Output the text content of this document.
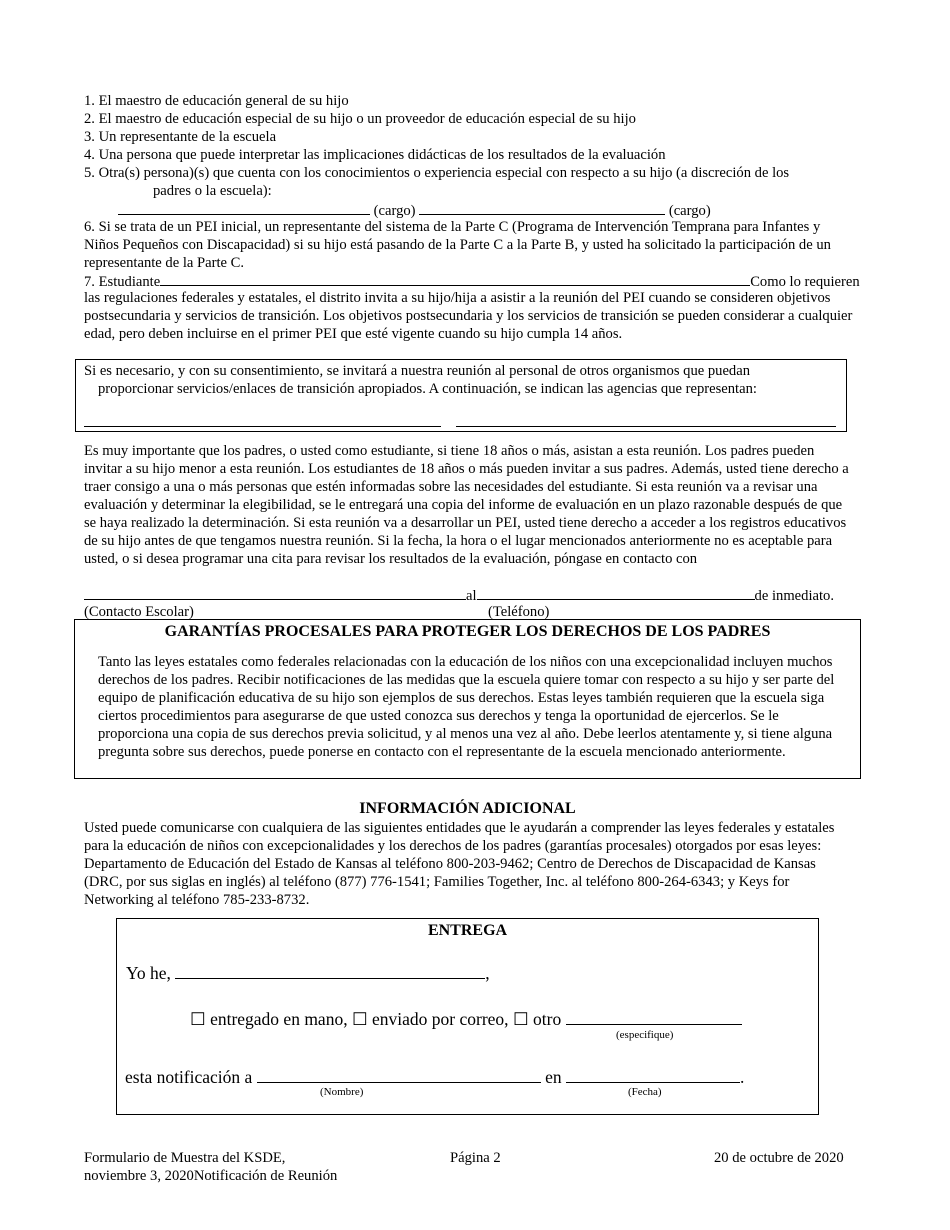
1. El maestro de educación general de su hijo
2. El maestro de educación especial de su hijo o un proveedor de educación especial de su hijo
3. Un representante de la escuela
4. Una persona que puede interpretar las implicaciones didácticas de los resultados de la evaluación
5. Otra(s) persona)(s) que cuenta con los conocimientos o experiencia especial con respecto a su hijo (a discreción de los
padres o la escuela):
(cargo)	(cargo)
6. Si se trata de un PEI inicial, un representante del sistema de la Parte C (Programa de Intervención Temprana para Infantes y Niños Pequeños con Discapacidad) si su hijo está pasando de la Parte C a la Parte B, y usted ha solicitado la participación de un representante de la Parte C.
7. Estudiante	Como lo requieren
las regulaciones federales y estatales, el distrito invita a su hijo/hija a asistir a la reunión del PEI cuando se consideren objetivos postsecundaria y servicios de transición. Los objetivos postsecundaria y los servicios de transición se pueden considerar a cualquier edad, pero deben incluirse en el primer PEI que esté vigente cuando su hijo cumpla 14 años.
Si es necesario, y con su consentimiento, se invitará a nuestra reunión al personal de otros organismos que puedan
proporcionar servicios/enlaces de transición apropiados. A continuación, se indican las agencias que representan:
Es muy importante que los padres, o usted como estudiante, si tiene 18 años o más, asistan a esta reunión. Los padres pueden invitar a su hijo menor a esta reunión. Los estudiantes de 18 años o más pueden invitar a sus padres. Además, usted tiene derecho a traer consigo a una o más personas que estén informadas sobre las necesidades del estudiante. Si esta reunión va a revisar una evaluación y determinar la elegibilidad, se le entregará una copia del informe de evaluación en un plazo razonable después de que se haya realizado la determinación. Si esta reunión va a desarrollar un PEI, usted tiene derecho a acceder a los registros educativos de su hijo antes de que tengamos nuestra reunión. Si la fecha, la hora o el lugar mencionados anteriormente no es aceptable para usted, o si desea programar una cita para revisar los resultados de la evaluación, póngase en contacto con
al	de inmediato.
(Contacto Escolar)	(Teléfono)
GARANTÍAS PROCESALES PARA PROTEGER LOS DERECHOS DE LOS PADRES
Tanto las leyes estatales como federales relacionadas con la educación de los niños con una excepcionalidad incluyen muchos derechos de los padres. Recibir notificaciones de las medidas que la escuela quiere tomar con respecto a su hijo y ser parte del equipo de planificación educativa de su hijo son ejemplos de sus derechos. Estas leyes también requieren que la escuela siga ciertos procedimientos para asegurarse de que usted conozca sus derechos y tenga la oportunidad de ejercerlos. Se le proporciona una copia de sus derechos previa solicitud, y al menos una vez al año. Debe leerlos atentamente y, si tiene alguna pregunta sobre sus derechos, puede ponerse en contacto con el representante de la escuela mencionado anteriormente.
INFORMACIÓN ADICIONAL
Usted puede comunicarse con cualquiera de las siguientes entidades que le ayudarán a comprender las leyes federales y estatales para la educación de niños con excepcionalidades y los derechos de los padres (garantías procesales) otorgados por esas leyes: Departamento de Educación del Estado de Kansas al teléfono 800-203-9462; Centro de Derechos de Discapacidad de Kansas (DRC, por sus siglas en inglés) al teléfono (877) 776-1541; Families Together, Inc. al teléfono 800-264-6343; y Keys for Networking al teléfono 785-233-8732.
ENTREGA
Yo he,	,
☐ entregado en mano, ☐ enviado por correo, ☐ otro
(especifique)
esta notificación a	en	.
(Nombre)	(Fecha)
Formulario de Muestra del KSDE,
noviembre 3, 2020Notificación de Reunión
Página 2	20 de octubre de 2020
